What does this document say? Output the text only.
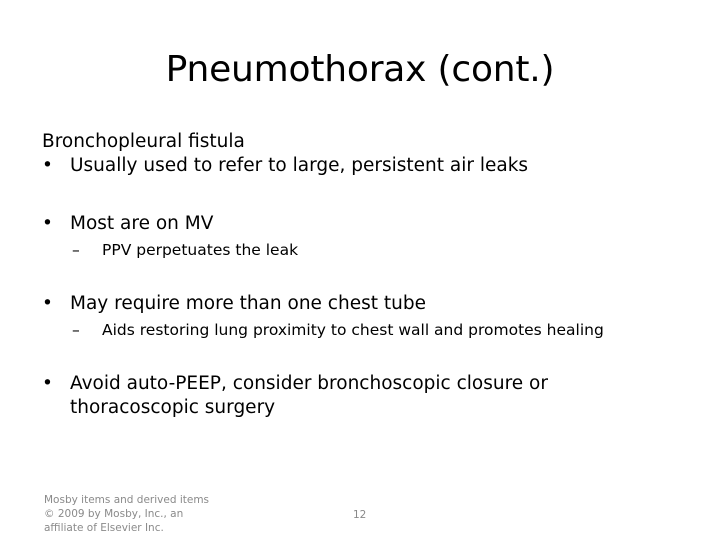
Pneumothorax (cont.)
Bronchopleural fistula
• Usually used to refer to large, persistent air leaks
• Most are on MV
– PPV perpetuates the leak
• May require more than one chest tube
– Aids restoring lung proximity to chest wall and promotes healing
• Avoid auto-PEEP, consider bronchoscopic closure or
thoracoscopic surgery
Mosby items and derived items
© 2009 by Mosby, Inc., an
affiliate of Elsevier Inc.
12
